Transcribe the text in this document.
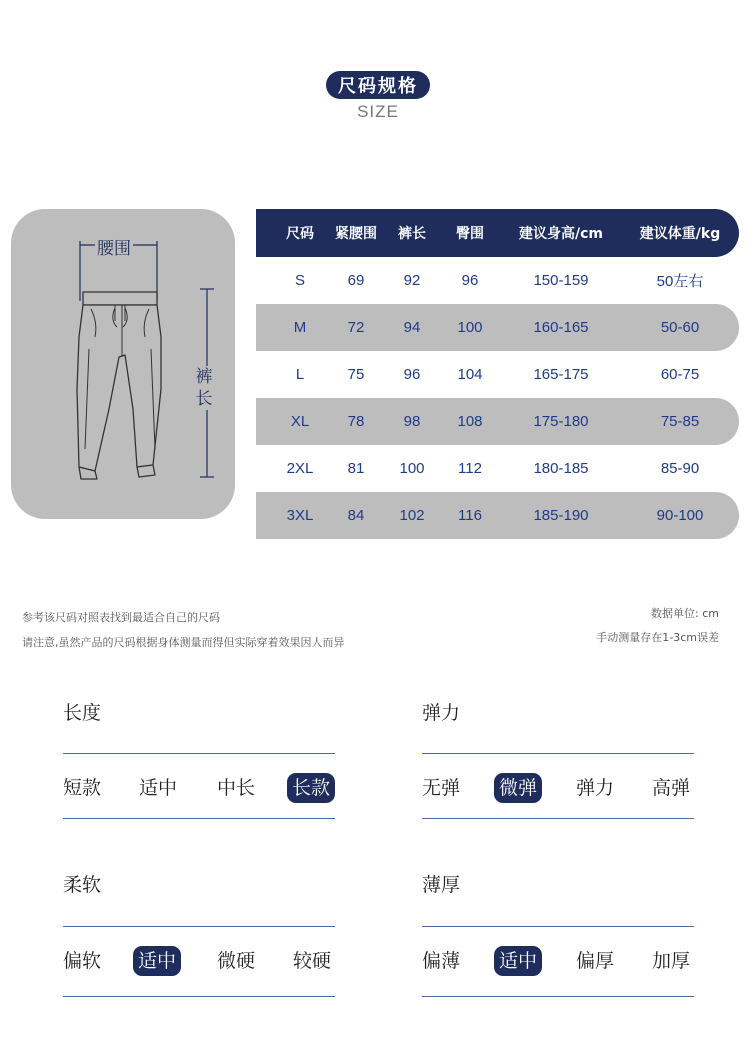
尺码规格
SIZE
腰围
裤
长
尺码	紧腰围	裤长	臀围	建议身高/cm	建议体重/kg
S	69	92	96	150-159	50左右
M	72	94	100	160-165	50-60
L	75	96	104	165-175	60-75
XL	78	98	108	175-180	75-85
2XL	81	100	112	180-185	85-90
3XL	84	102	116	185-190	90-100
参考该尺码对照表找到最适合自己的尺码
请注意,虽然产品的尺码根据身体测量而得但实际穿着效果因人而异
数据单位: cm
手动测量存在1-3cm误差
长度
短款 适中 中长 长款
弹力
无弹 微弹 弹力 高弹
柔软
偏软 适中 微硬 较硬
薄厚
偏薄 适中 偏厚 加厚
